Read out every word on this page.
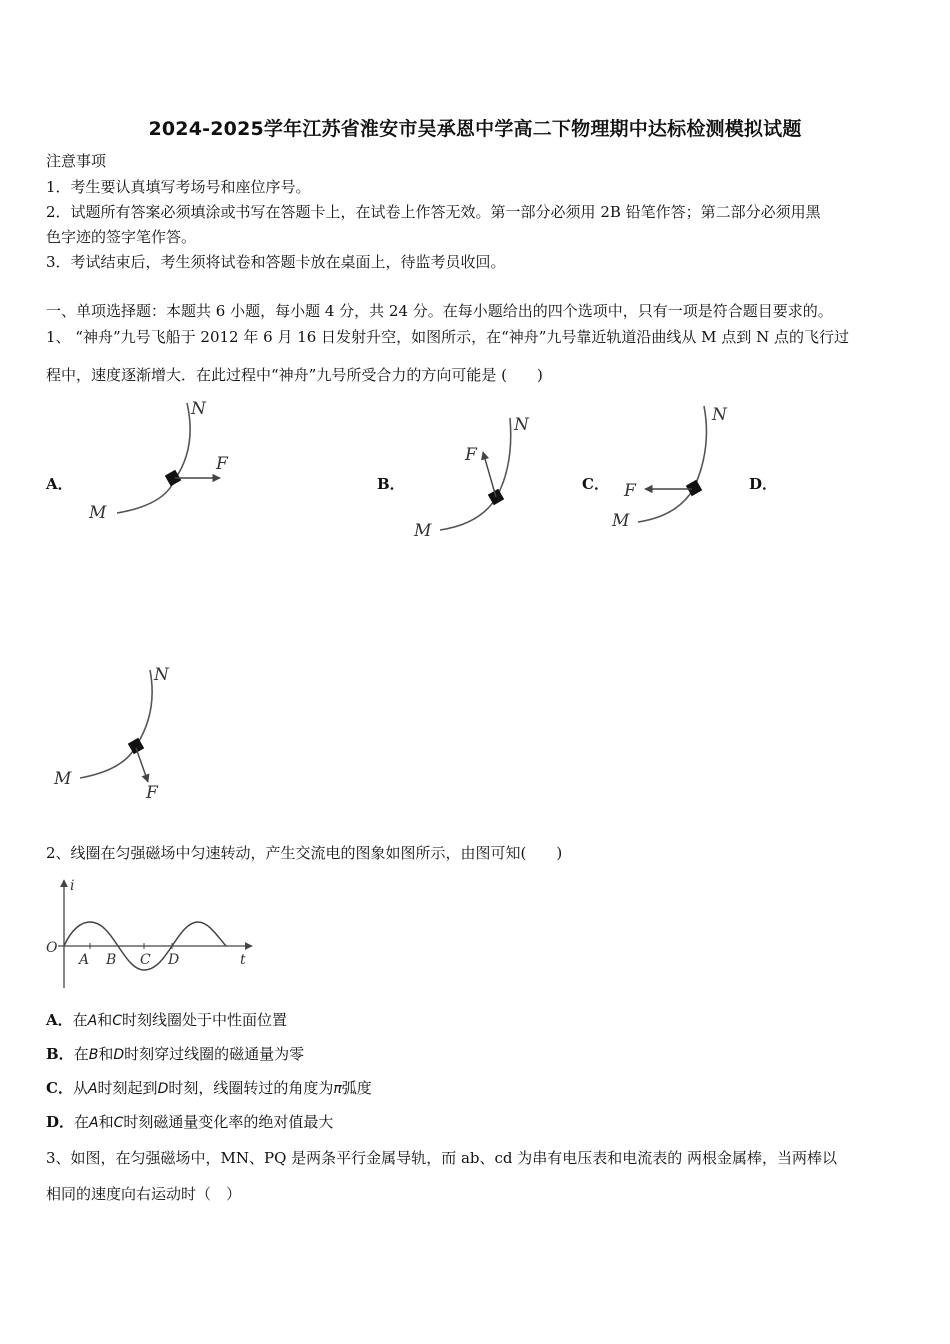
2024-2025学年江苏省淮安市吴承恩中学高二下物理期中达标检测模拟试题
注意事项
1．考生要认真填写考场号和座位序号。
2．试题所有答案必须填涂或书写在答题卡上，在试卷上作答无效。第一部分必须用 2B 铅笔作答；第二部分必须用黑
色字迹的签字笔作答。
3．考试结束后，考生须将试卷和答题卡放在桌面上，待监考员收回。
一、单项选择题：本题共 6 小题，每小题 4 分，共 24 分。在每小题给出的四个选项中，只有一项是符合题目要求的。
1、 “神舟”九号飞船于 2012 年 6 月 16 日发射升空，如图所示，在“神舟”九号靠近轨道沿曲线从 M 点到 N 点的飞行过
程中，速度逐渐增大．在此过程中“神舟”九号所受合力的方向可能是 (　　)
A．	B．	C．	D．
M
N
F
M
N
F
M
N
F
M
N
F
2、线圈在匀强磁场中匀速转动，产生交流电的图象如图所示，由图可知(　　)
i
t
O
A B C D
A．在A和C时刻线圈处于中性面位置
B．在B和D时刻穿过线圈的磁通量为零
C．从A时刻起到D时刻，线圈转过的角度为π弧度
D．在A和C时刻磁通量变化率的绝对值最大
3、如图，在匀强磁场中，MN、PQ 是两条平行金属导轨，而 ab、cd 为串有电压表和电流表的 两根金属棒，当两棒以
相同的速度向右运动时（　）
